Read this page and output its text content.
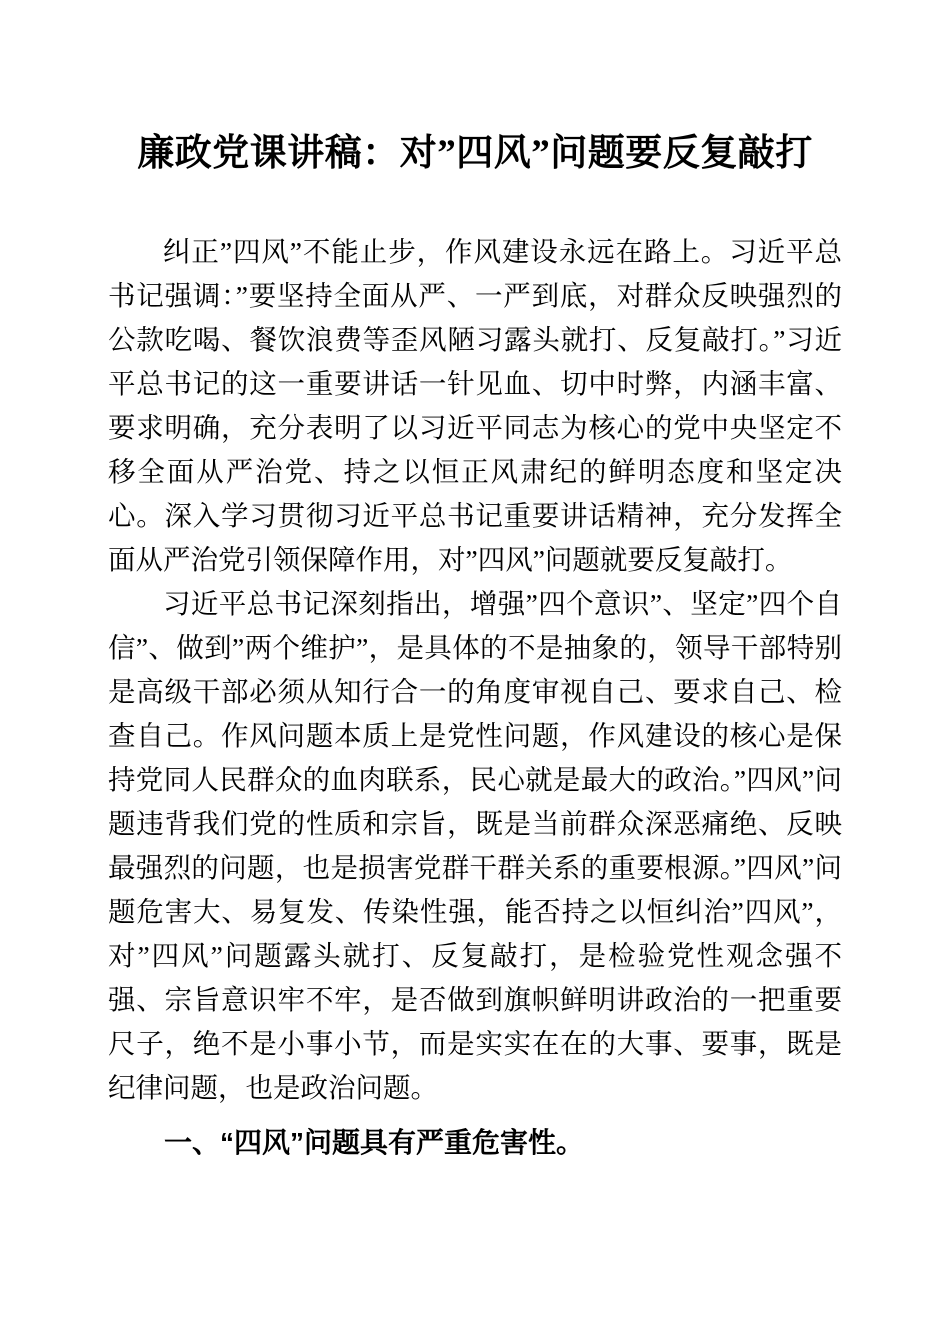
廉政党课讲稿：对”四风”问题要反复敲打

纠正”四风”不能止步，作风建设永远在路上。习近平总书记强调：”要坚持全面从严、一严到底，对群众反映强烈的公款吃喝、餐饮浪费等歪风陋习露头就打、反复敲打。”习近平总书记的这一重要讲话一针见血、切中时弊，内涵丰富、要求明确，充分表明了以习近平同志为核心的党中央坚定不移全面从严治党、持之以恒正风肃纪的鲜明态度和坚定决心。深入学习贯彻习近平总书记重要讲话精神，充分发挥全面从严治党引领保障作用，对”四风”问题就要反复敲打。

习近平总书记深刻指出，增强”四个意识”、坚定”四个自信”、做到”两个维护”，是具体的不是抽象的，领导干部特别是高级干部必须从知行合一的角度审视自己、要求自己、检查自己。作风问题本质上是党性问题，作风建设的核心是保持党同人民群众的血肉联系，民心就是最大的政治。”四风”问题违背我们党的性质和宗旨，既是当前群众深恶痛绝、反映最强烈的问题，也是损害党群干群关系的重要根源。”四风”问题危害大、易复发、传染性强，能否持之以恒纠治”四风”，对”四风”问题露头就打、反复敲打，是检验党性观念强不强、宗旨意识牢不牢，是否做到旗帜鲜明讲政治的一把重要尺子，绝不是小事小节，而是实实在在的大事、要事，既是纪律问题，也是政治问题。

一、“四风”问题具有严重危害性。
